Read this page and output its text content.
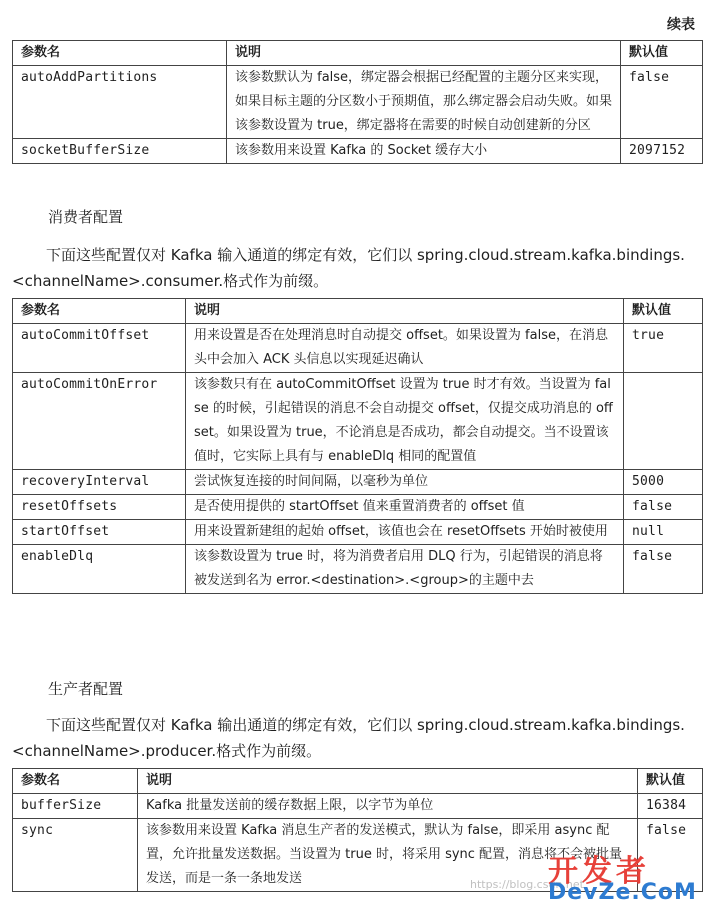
续表
参数名	说明	默认值
autoAddPartitions	该参数默认为 false，绑定器会根据已经配置的主题分区来实现，如果目标主题的分区数小于预期值，那么绑定器会启动失败。如果该参数设置为 true，绑定器将在需要的时候自动创建新的分区	false
socketBufferSize	该参数用来设置 Kafka 的 Socket 缓存大小	2097152
消费者配置
下面这些配置仅对 Kafka 输入通道的绑定有效，它们以 spring.cloud.stream.kafka.bindings.<channelName>.consumer.格式作为前缀。
参数名	说明	默认值
autoCommitOffset	用来设置是否在处理消息时自动提交 offset。如果设置为 false，在消息头中会加入 ACK 头信息以实现延迟确认	true
autoCommitOnError	该参数只有在 autoCommitOffset 设置为 true 时才有效。当设置为 false 的时候，引起错误的消息不会自动提交 offset，仅提交成功消息的 offset。如果设置为 true，不论消息是否成功，都会自动提交。当不设置该值时，它实际上具有与 enableDlq 相同的配置值	
recoveryInterval	尝试恢复连接的时间间隔，以毫秒为单位	5000
resetOffsets	是否使用提供的 startOffset 值来重置消费者的 offset 值	false
startOffset	用来设置新建组的起始 offset，该值也会在 resetOffsets 开始时被使用	null
enableDlq	该参数设置为 true 时，将为消费者启用 DLQ 行为，引起错误的消息将被发送到名为 error.<destination>.<group>的主题中去	false
生产者配置
下面这些配置仅对 Kafka 输出通道的绑定有效，它们以 spring.cloud.stream.kafka.bindings.<channelName>.producer.格式作为前缀。
参数名	说明	默认值
bufferSize	Kafka 批量发送前的缓存数据上限，以字节为单位	16384
sync	该参数用来设置 Kafka 消息生产者的发送模式，默认为 false，即采用 async 配置，允许批量发送数据。当设置为 true 时，将采用 sync 配置，消息将不会被批量发送，而是一条一条地发送	false
https://blog.csdn.net
开发者
DevZe.CoM
